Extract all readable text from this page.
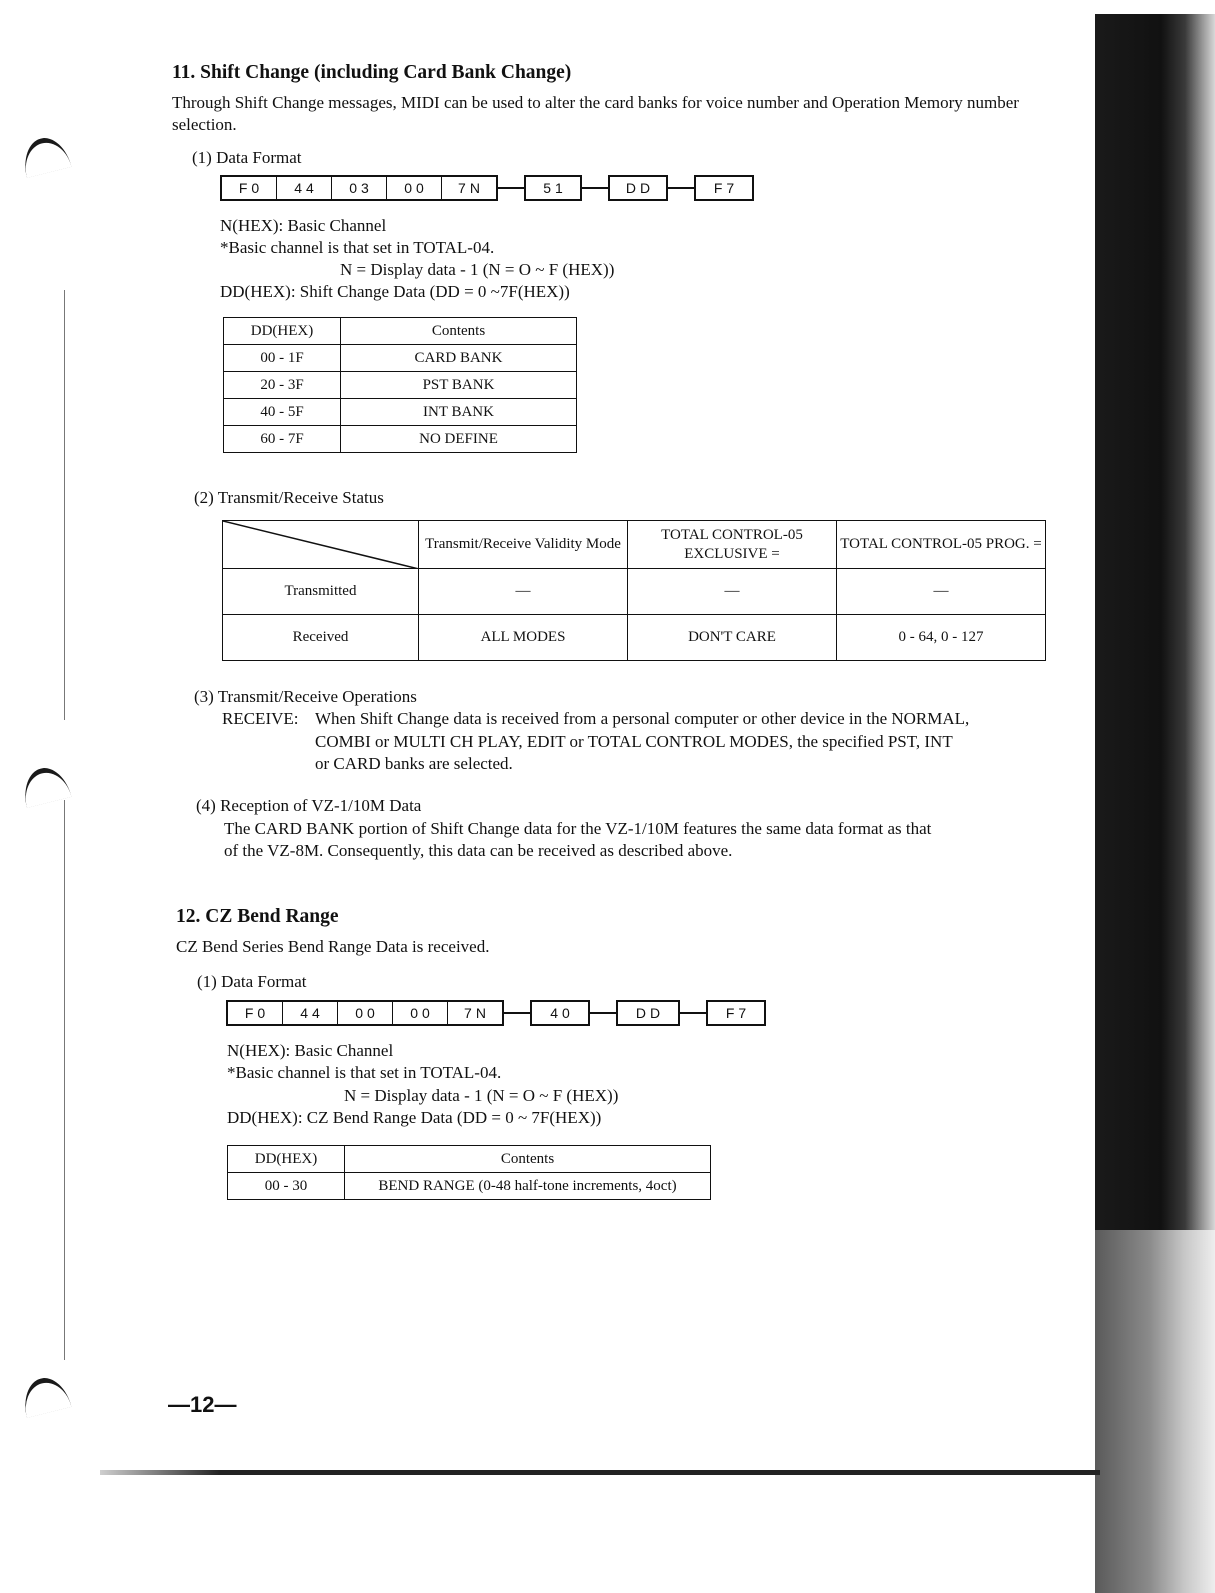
11. Shift Change (including Card Bank Change)
Through Shift Change messages, MIDI can be used to alter the card banks for voice number and Operation Memory number selection.
(1) Data Format
F0	44	03	00	7N	51	DD	F7
N(HEX): Basic Channel
*Basic channel is that set in TOTAL-04.
N = Display data - 1 (N = O ~ F (HEX))
DD(HEX): Shift Change Data (DD = 0 ~7F(HEX))
DD(HEX)	Contents
00 - 1F	CARD BANK
20 - 3F	PST BANK
40 - 5F	INT BANK
60 - 7F	NO DEFINE
(2) Transmit/Receive Status
	Transmit/Receive Validity Mode	TOTAL CONTROL-05 EXCLUSIVE =	TOTAL CONTROL-05 PROG. =
Transmitted	—	—	—
Received	ALL MODES	DON'T CARE	0 - 64, 0 - 127
(3) Transmit/Receive Operations
RECEIVE: When Shift Change data is received from a personal computer or other device in the NORMAL,
COMBI or MULTI CH PLAY, EDIT or TOTAL CONTROL MODES, the specified PST, INT
or CARD banks are selected.
(4) Reception of VZ-1/10M Data
The CARD BANK portion of Shift Change data for the VZ-1/10M features the same data format as that
of the VZ-8M. Consequently, this data can be received as described above.
12. CZ Bend Range
CZ Bend Series Bend Range Data is received.
(1) Data Format
F0	44	00	00	7N	40	DD	F7
N(HEX): Basic Channel
*Basic channel is that set in TOTAL-04.
N = Display data - 1 (N = O ~ F (HEX))
DD(HEX): CZ Bend Range Data (DD = 0 ~ 7F(HEX))
DD(HEX)	Contents
00 - 30	BEND RANGE (0-48 half-tone increments, 4oct)
—12—
